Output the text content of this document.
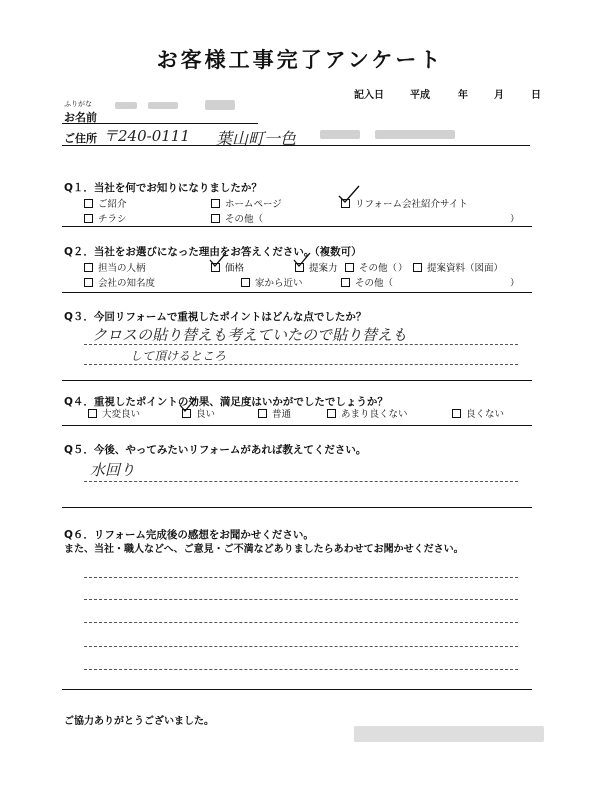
お客様工事完了アンケート
記入日	平成	年	月	日
ふりがな
お名前
ご住所 〒240-0111 葉山町一色
Q１．当社を何でお知りになりましたか？
ご紹介	ホームページ	リフォーム会社紹介サイト
チラシ	その他（	）
Q２．当社をお選びになった理由をお答えください。（複数可）
担当の人柄	価格	提案力	その他（ ）	提案資料（図面）
会社の知名度	家から近い	その他（	）
Q３．今回リフォームで重視したポイントはどんな点でしたか？
クロスの貼り替えも考えていたので貼り替えも
して頂けるところ
Q４．重視したポイントの効果、満足度はいかがでしたでしょうか？
大変良い	良い	普通	あまり良くない	良くない
Q５．今後、やってみたいリフォームがあれば教えてください。
水回り
Q６．リフォーム完成後の感想をお聞かせください。
また、当社・職人などへ、ご意見・ご不満などありましたらあわせてお聞かせください。
ご協力ありがとうございました。
